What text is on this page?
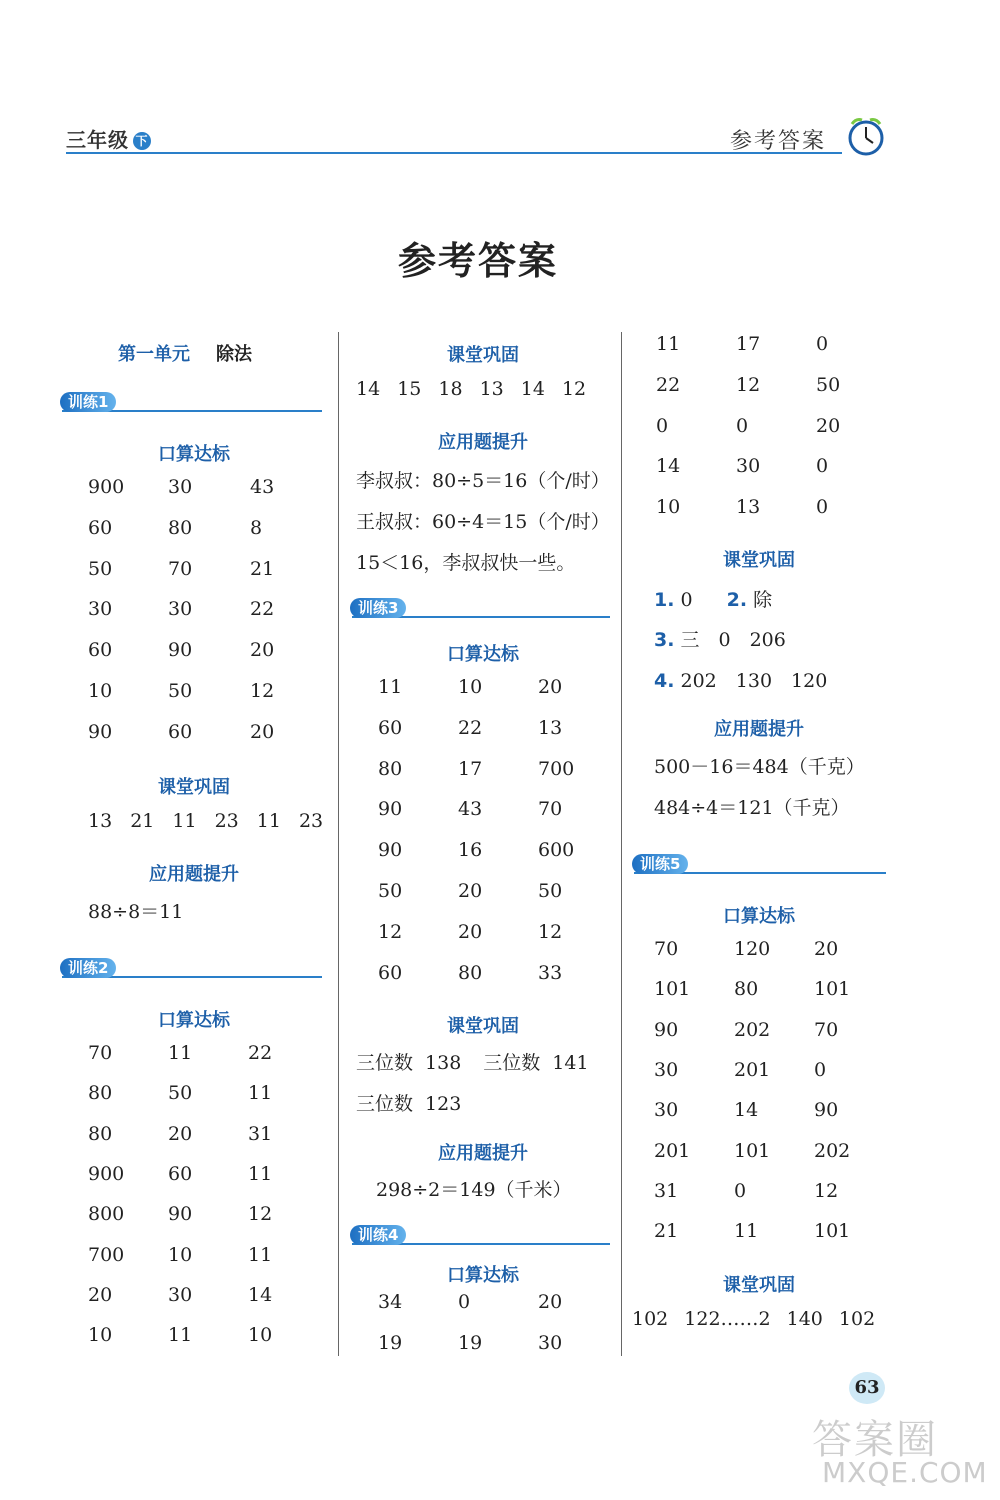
三年级 下	参考答案
参考答案
第一单元 除法
训练1
口算达标
900 30	43
60	80	8
50	70	21
30	30	22
60	90	20
10	50	12
90	60	20
课堂巩固
13 21 11 23 11 23
应用题提升
88÷8＝11
训练2
口算达标
70	11	22
80	50	11
80	20	31
900 60	11
800 90	12
700 10	11
20	30	14
10	11	10
课堂巩固
14 15 18 13 14 12
应用题提升
李叔叔：80÷5＝16（个/时）
王叔叔：60÷4＝15（个/时）
15＜16，李叔叔快一些。
训练3
口算达标
11	10	20
60	22	13
80	17	700
90	43	70
90	16	600
50	20	50
12	20	12
60	80	33
课堂巩固
三位数 138 三位数 141
三位数 123
应用题提升
298÷2＝149（千米）
训练4
口算达标
34	0	20
19	19	30
11	17	0
22	12	50
0	0	20
14	30	0
10	13	0
课堂巩固
1. 0 2. 除
3. 三　0　206
4. 202　130　120
应用题提升
500－16＝484（千克）
484÷4＝121（千克）
训练5
口算达标
70	120 20
101 80	101
90	202 70
30	201 0
30	14	90
201 101 202
31	0	12
21	11	101
课堂巩固
102 122……2 140 102
63
答案圈
MXQE.COM
